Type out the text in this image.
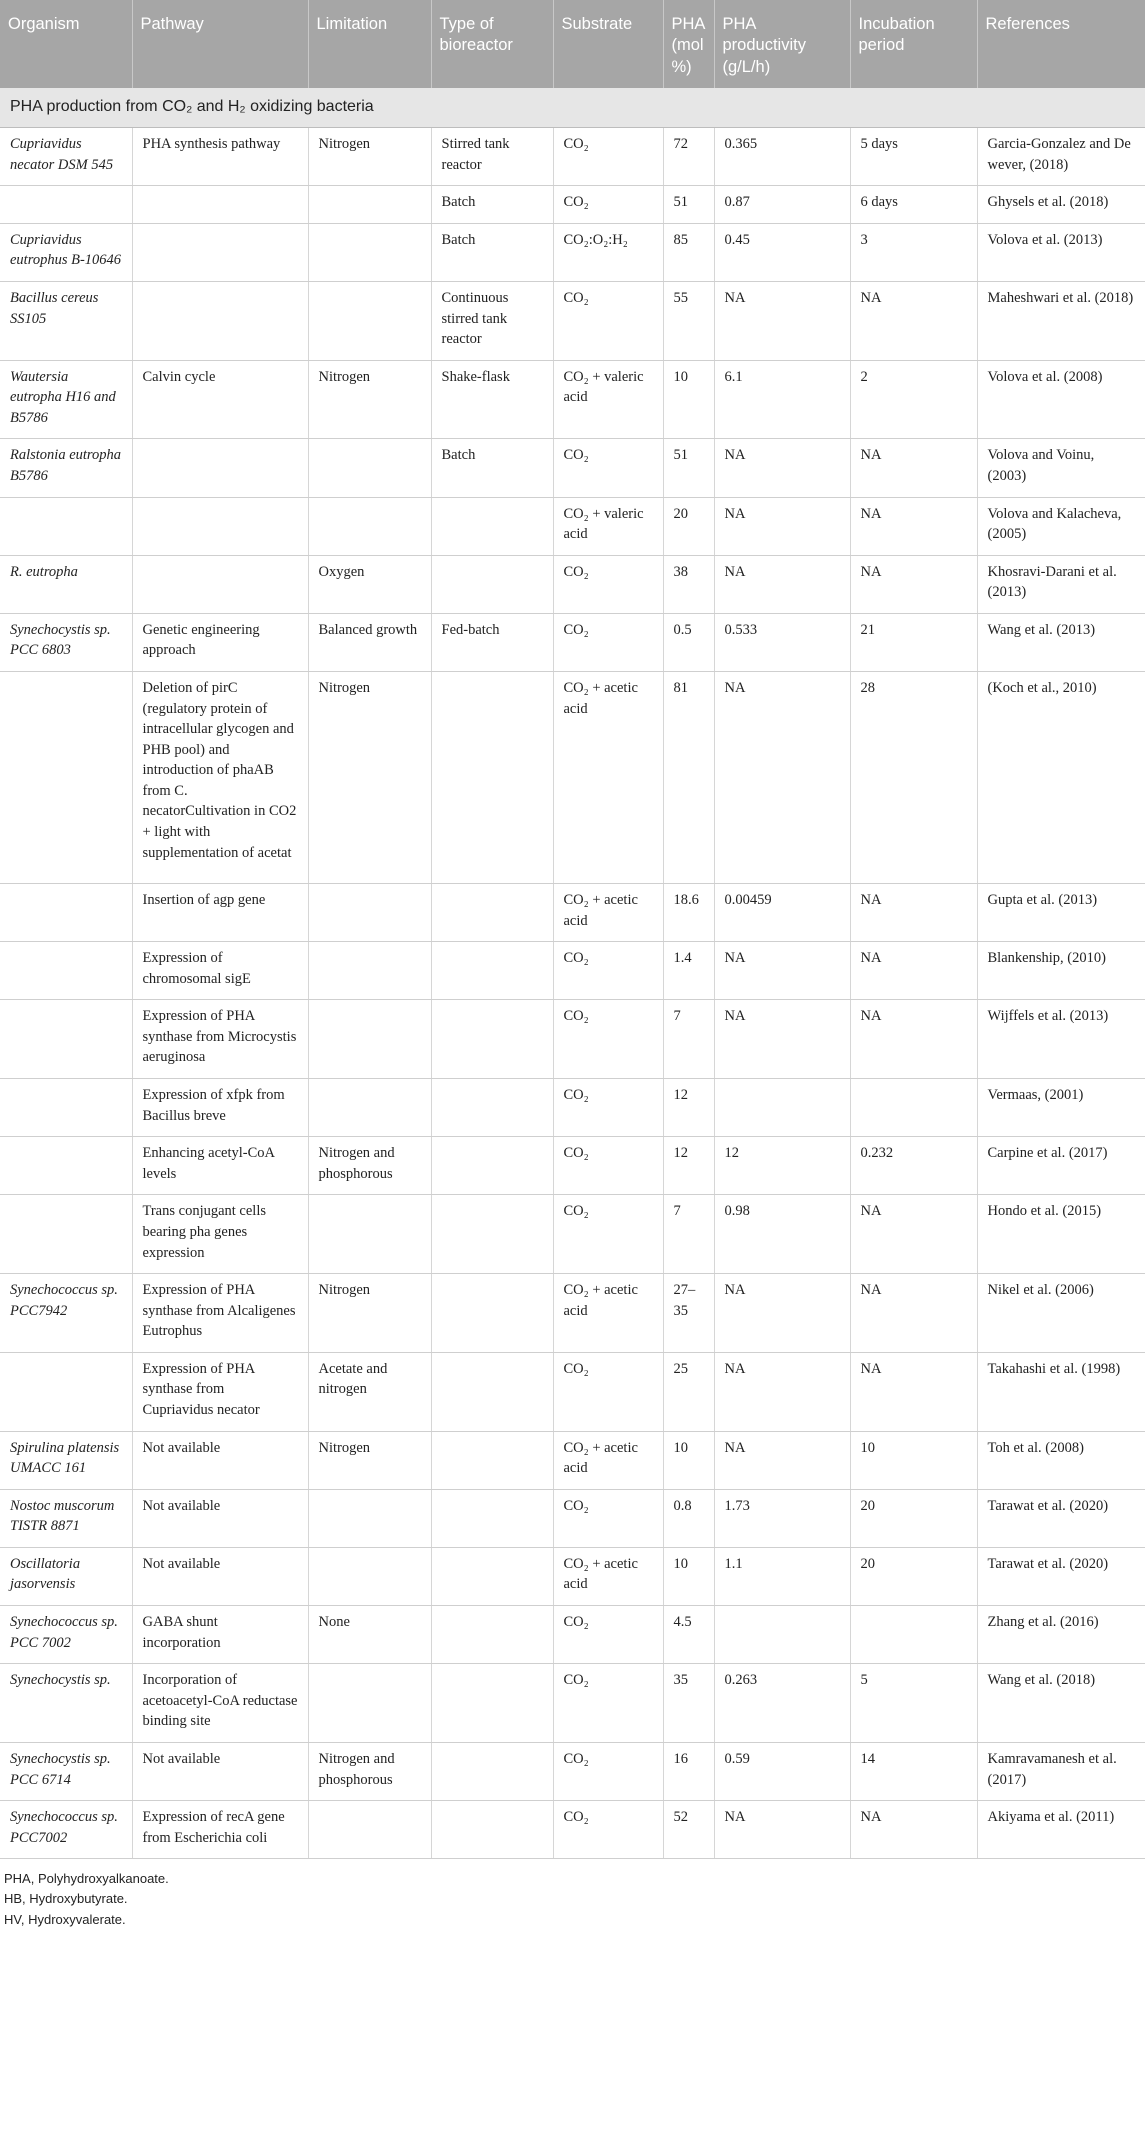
Organism	Pathway	Limitation	Type of bioreactor	Substrate	PHA (mol %)	PHA productivity (g/L/h)	Incubation period	References
PHA production from CO₂ and H₂ oxidizing bacteria								
Cupriavidus necator DSM 545	PHA synthesis pathway	Nitrogen	Stirred tank reactor	CO₂	72	0.365	5 days	Garcia-Gonzalez and De wever, (2018)
			Batch	CO₂	51	0.87	6 days	Ghysels et al. (2018)
Cupriavidus eutrophus B-10646			Batch	CO₂:O₂:H₂	85	0.45	3	Volova et al. (2013)
Bacillus cereus SS105			Continuous stirred tank reactor	CO₂	55	NA	NA	Maheshwari et al. (2018)
Wautersia eutropha H16 and B5786	Calvin cycle	Nitrogen	Shake-flask	CO₂ + valeric acid	10	6.1	2	Volova et al. (2008)
Ralstonia eutropha B5786			Batch	CO₂	51	NA	NA	Volova and Voinu, (2003)
				CO₂ + valeric acid	20	NA	NA	Volova and Kalacheva, (2005)
R. eutropha		Oxygen		CO₂	38	NA	NA	Khosravi-Darani et al. (2013)
Synechocystis sp. PCC 6803	Genetic engineering approach	Balanced growth	Fed-batch	CO₂	0.5	0.533	21	Wang et al. (2013)
	Deletion of pirC (regulatory protein of intracellular glycogen and PHB pool) and introduction of phaAB from C. necatorCultivation in CO2 + light with supplementation of acetat	Nitrogen		CO₂ + acetic acid	81	NA	28	(Koch et al., 2010)
	Insertion of agp gene			CO₂ + acetic acid	18.6	0.00459	NA	Gupta et al. (2013)
	Expression of chromosomal sigE			CO₂	1.4	NA	NA	Blankenship, (2010)
	Expression of PHA synthase from Microcystis aeruginosa			CO₂	7	NA	NA	Wijffels et al. (2013)
	Expression of xfpk from Bacillus breve			CO₂	12			Vermaas, (2001)
	Enhancing acetyl-CoA levels	Nitrogen and phosphorous		CO₂	12	12	0.232	Carpine et al. (2017)
	Trans conjugant cells bearing pha genes expression			CO₂	7	0.98	NA	Hondo et al. (2015)
Synechococcus sp. PCC7942	Expression of PHA synthase from Alcaligenes Eutrophus	Nitrogen		CO₂ + acetic acid	27–35	NA	NA	Nikel et al. (2006)
	Expression of PHA synthase from Cupriavidus necator	Acetate and nitrogen		CO₂	25	NA	NA	Takahashi et al. (1998)
Spirulina platensis UMACC 161	Not available	Nitrogen		CO₂ + acetic acid	10	NA	10	Toh et al. (2008)
Nostoc muscorum TISTR 8871	Not available			CO₂	0.8	1.73	20	Tarawat et al. (2020)
Oscillatoria jasorvensis	Not available			CO₂ + acetic acid	10	1.1	20	Tarawat et al. (2020)
Synechococcus sp. PCC 7002	GABA shunt incorporation	None		CO₂	4.5			Zhang et al. (2016)
Synechocystis sp.	Incorporation of acetoacetyl-CoA reductase binding site			CO₂	35	0.263	5	Wang et al. (2018)
Synechocystis sp. PCC 6714	Not available	Nitrogen and phosphorous		CO₂	16	0.59	14	Kamravamanesh et al. (2017)
Synechococcus sp. PCC7002	Expression of recA gene from Escherichia coli			CO₂	52	NA	NA	Akiyama et al. (2011)
PHA, Polyhydroxyalkanoate.
HB, Hydroxybutyrate.
HV, Hydroxyvalerate.
